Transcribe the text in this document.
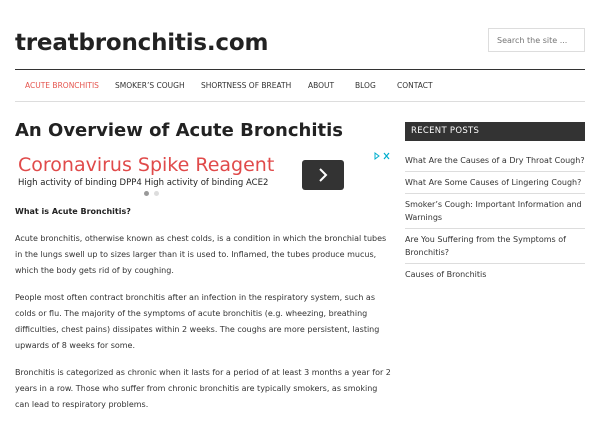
treatbronchitis.com
Search the site ...
ACUTE BRONCHITIS SMOKER’S COUGH SHORTNESS OF BREATH ABOUT	BLOG	CONTACT
An Overview of Acute Bronchitis
Coronavirus Spike Reagent
High activity of binding DPP4 High activity of binding ACE2
What is Acute Bronchitis?

Acute bronchitis, otherwise known as chest colds, is a condition in which the bronchial tubes in the lungs swell up to sizes larger than it is used to. Inflamed, the tubes produce mucus, which the body gets rid of by coughing.

People most often contract bronchitis after an infection in the respiratory system, such as colds or flu. The majority of the symptoms of acute bronchitis (e.g. wheezing, breathing difficulties, chest pains) dissipates within 2 weeks. The coughs are more persistent, lasting upwards of 8 weeks for some.

Bronchitis is categorized as chronic when it lasts for a period of at least 3 months a year for 2 years in a row. Those who suffer from chronic bronchitis are typically smokers, as smoking can lead to respiratory problems.

RECENT POSTS
What Are the Causes of a Dry Throat Cough?
What Are Some Causes of Lingering Cough?
Smoker’s Cough: Important Information and Warnings
Are You Suffering from the Symptoms of Bronchitis?
Causes of Bronchitis
